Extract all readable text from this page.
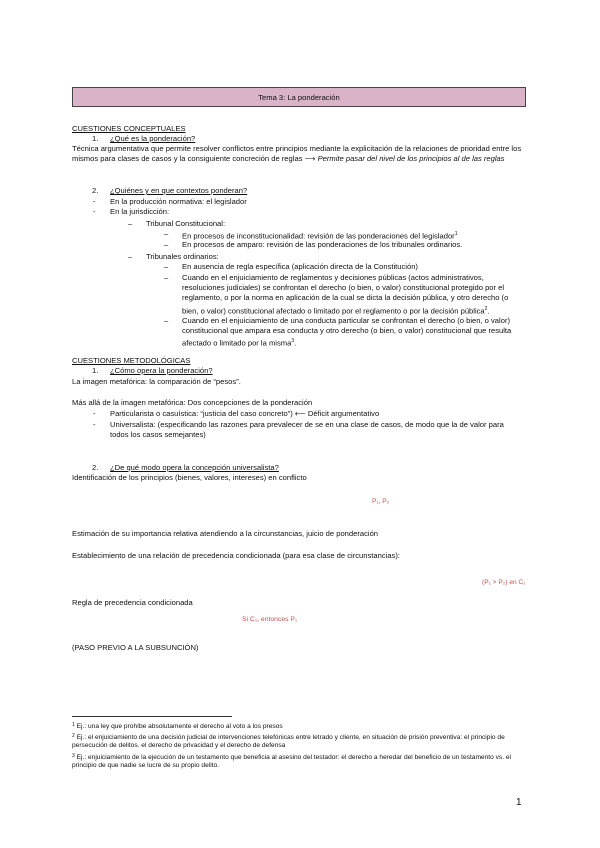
Tema 3: La ponderación
CUESTIONES CONCEPTUALES
1. ¿Qué es la ponderación?
Técnica argumentativa que permite resolver conflictos entre principios mediante la explicitación de la relaciones de prioridad entre los mismos para clases de casos y la consiguiente concreción de reglas ⟶ Permite pasar del nivel de los principios al de las reglas
2. ¿Quiénes y en que contextos ponderan?
- En la producción normativa: el legislador
- En la jurisdicción:
– Tribunal Constitucional:
– En procesos de inconstitucionalidad: revisión de las ponderaciones del legislador$^1$
– En procesos de amparo: revisión de las ponderaciones de los tribunales ordinarios.
– Tribunales ordinarios:
– En ausencia de regla específica (aplicación directa de la Constitución)
– Cuando en el enjuiciamiento de reglamentos y decisiones públicas (actos administrativos, resoluciones judiciales) se confrontan el derecho (o bien, o valor) constitucional protegido por el reglamento, o por la norma en aplicación de la cual se dicta la decisión pública, y otro derecho (o bien, o valor) constitucional afectado o limitado por el reglamento o por la decisión pública$^2$.
– Cuando en el enjuiciamiento de una conducta particular se confrontan el derecho (o bien, o valor) constitucional que ampara esa conducta y otro derecho (o bien, o valor) constitucional que resulta afectado o limitado por la misma$^3$.
CUESTIONES METODOLÓGICAS
1. ¿Cómo opera la ponderación?
La imagen metafórica: la comparación de “pesos”.
Más allá de la imagen metafórica: Dos concepciones de la ponderación
- Particularista o casuística: “justicia del caso concreto”) ⟵ Déficit argumentativo
- Universalista: (especificando las razones para prevalecer de se en una clase de casos, de modo que la de valor para todos los casos semejantes)
2. ¿De qué modo opera la concepción universalista?
Identificación de los principios (bienes, valores, intereses) en conflicto
P₁, P₂
Estimación de su importancia relativa atendiendo a la circunstancias, juicio de ponderación
Establecimiento de una relación de precedencia condicionada (para esa clase de circunstancias):
(P₁ > P₂) en C₁
Regla de precedencia condicionada
Si C₁, entonces P₁
(PASO PREVIO A LA SUBSUNCIÓN)
$^1$ Ej.: una ley que prohíbe absolutamente el derecho al voto a los presos
$^2$ Ej.: el enjuiciamiento de una decisión judicial de intervenciones telefónicas entre letrado y cliente, en situación de prisión preventiva: el principio de persecución de delitos. el derecho de privacidad y el derecho de defensa
$^3$ Ej.: enjuiciamiento de la ejecución de un testamento que beneficia al asesino del testador: el derecho a heredar del beneficio de un testamento vs. el principio de que nadie se lucre de su propio delito.
1
